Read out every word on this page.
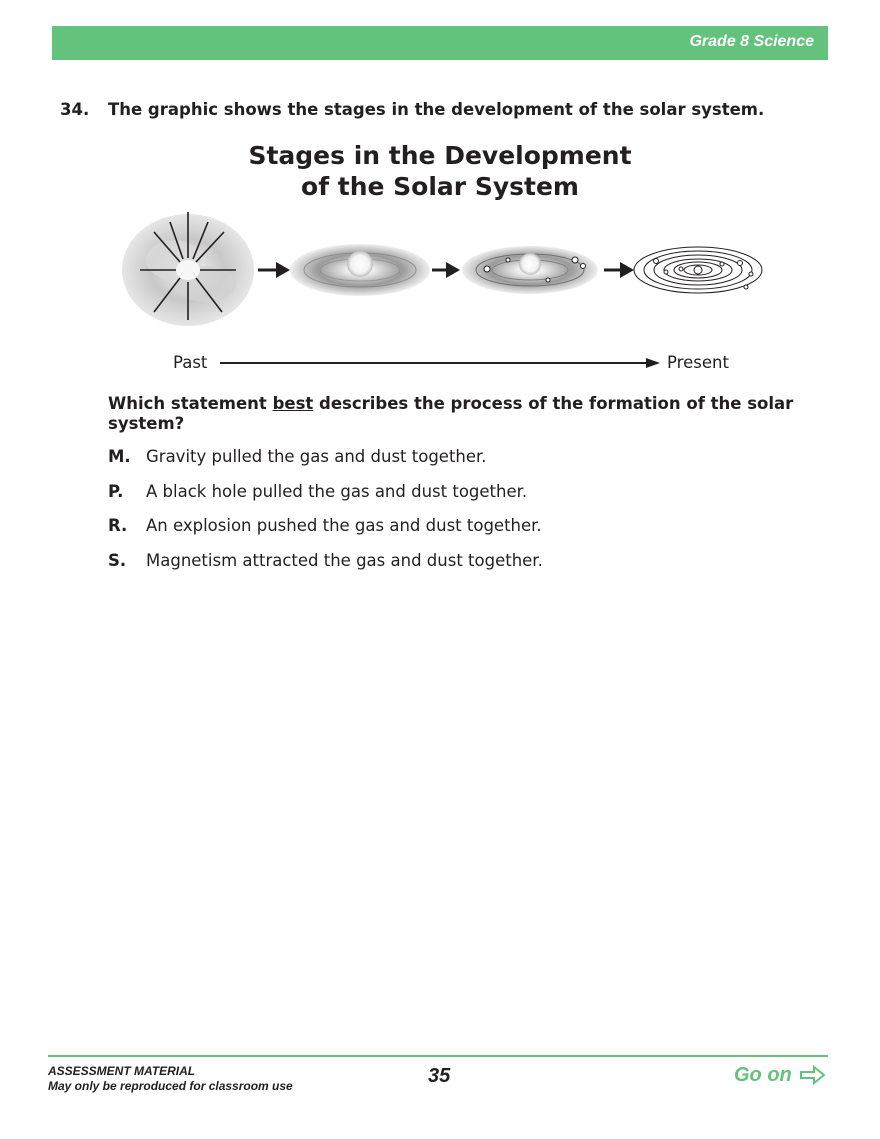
Grade 8 Science
34. The graphic shows the stages in the development of the solar system.
Stages in the Development
of the Solar System
Past	Present
Which statement best describes the process of the formation of the solar system?
M. Gravity pulled the gas and dust together.
P. A black hole pulled the gas and dust together.
R. An explosion pushed the gas and dust together.
S. Magnetism attracted the gas and dust together.
ASSESSMENT MATERIAL
May only be reproduced for classroom use	35	Go on
